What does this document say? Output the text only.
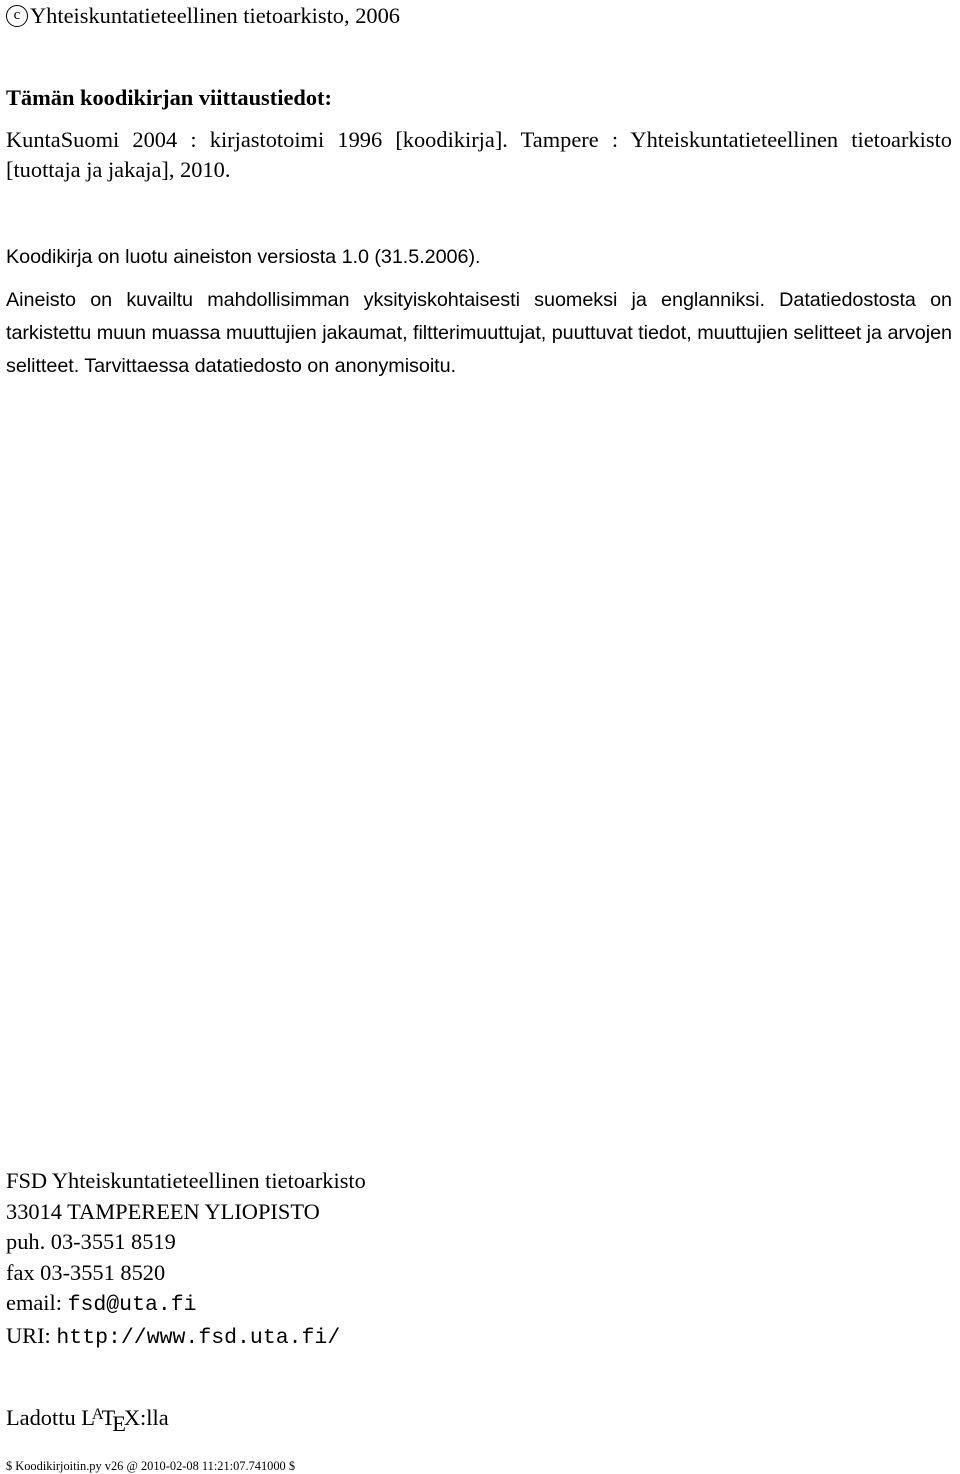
c Yhteiskuntatieteellinen tietoarkisto, 2006
Tämän koodikirjan viittaustiedot:
KuntaSuomi 2004 : kirjastotoimi 1996 [koodikirja]. Tampere : Yhteiskuntatieteellinen tietoarkisto [tuottaja ja jakaja], 2010.
Koodikirja on luotu aineiston versiosta 1.0 (31.5.2006).
Aineisto on kuvailtu mahdollisimman yksityiskohtaisesti suomeksi ja englanniksi. Datatiedostosta on tarkistettu muun muassa muuttujien jakaumat, filtterimuuttujat, puuttuvat tiedot, muuttujien selitteet ja arvojen selitteet. Tarvittaessa datatiedosto on anonymisoitu.
FSD Yhteiskuntatieteellinen tietoarkisto
33014 TAMPEREEN YLIOPISTO
puh. 03-3551 8519
fax 03-3551 8520
email: fsd@uta.fi
URI: http://www.fsd.uta.fi/
Ladottu $L^ATEX:lla$
$ Koodikirjoitin.py v26 @ 2010-02-08 11:21:07.741000 $
